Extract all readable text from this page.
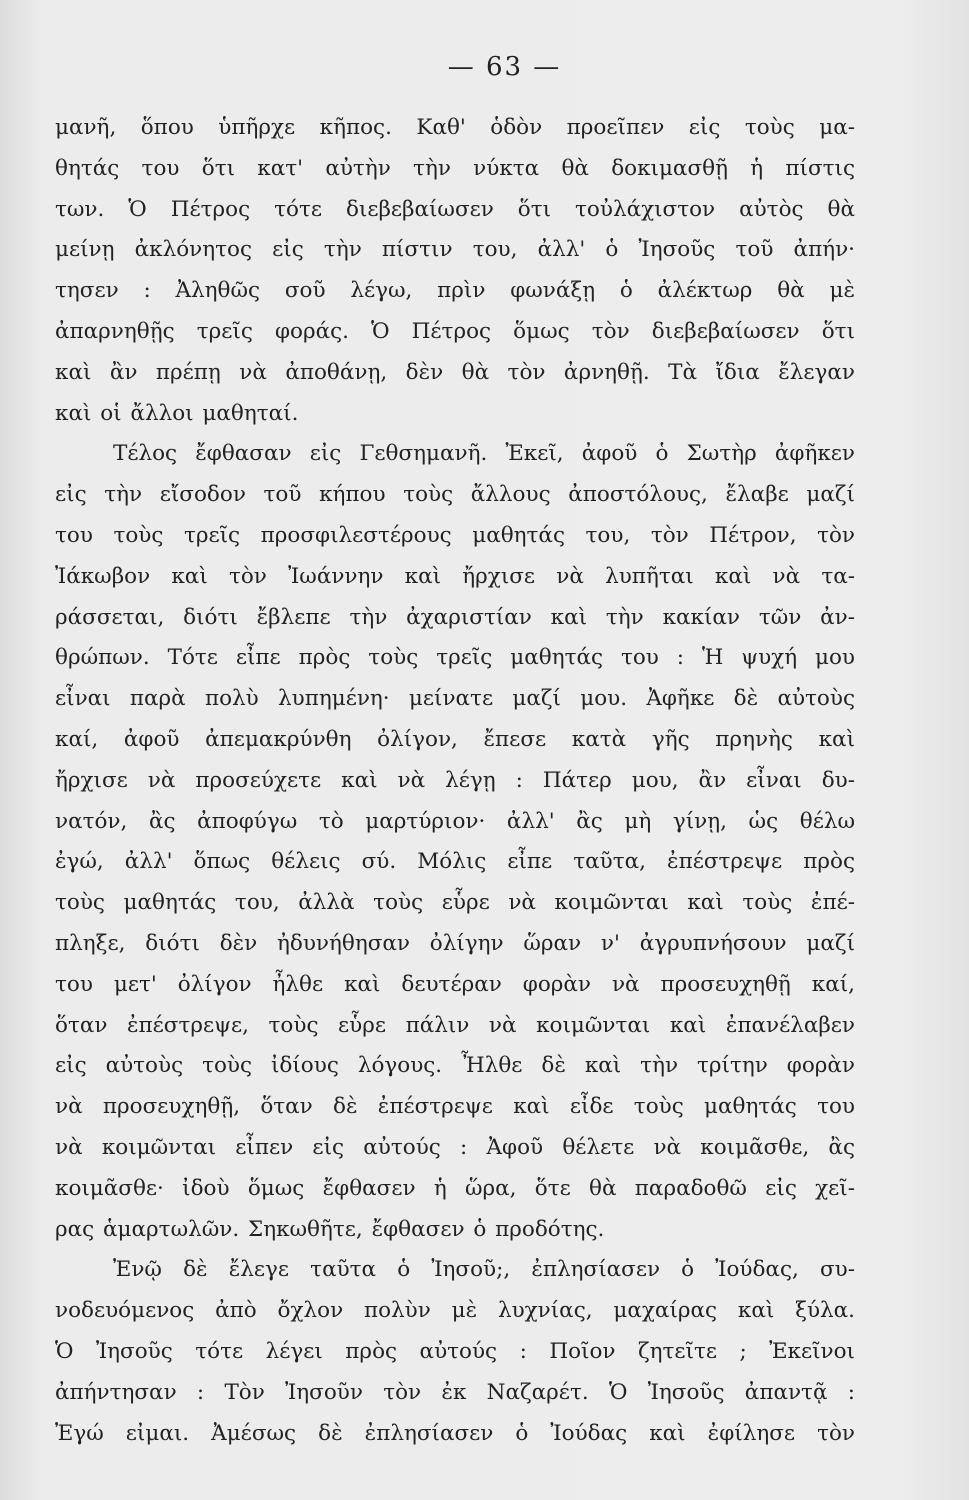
— 63 —
μανῆ, ὅπου ὑπῆρχε κῆπος. Καθ' ὁδὸν προεῖπεν εἰς τοὺς μα-
θητάς του ὅτι κατ' αὐτὴν τὴν νύκτα θὰ δοκιμασθῇ ἡ πίστις
των. Ὁ Πέτρος τότε διεβεβαίωσεν ὅτι τοὐλάχιστον αὐτὸς θὰ
μείνῃ ἀκλόνητος εἰς τὴν πίστιν του, ἀλλ' ὁ Ἰησοῦς τοῦ ἀπήν·
τησεν : Ἀληθῶς σοῦ λέγω, πρὶν φωνάξῃ ὁ ἀλέκτωρ θὰ μὲ
ἀπαρνηθῇς τρεῖς φοράς. Ὁ Πέτρος ὅμως τὸν διεβεβαίωσεν ὅτι
καὶ ἂν πρέπῃ νὰ ἀποθάνῃ, δὲν θὰ τὸν ἀρνηθῇ. Τὰ ἴδια ἔλεγαν
καὶ οἱ ἄλλοι μαθηταί.
Τέλος ἔφθασαν εἰς Γεθσημανῆ. Ἐκεῖ, ἀφοῦ ὁ Σωτὴρ ἀφῆκεν
εἰς τὴν εἴσοδον τοῦ κήπου τοὺς ἄλλους ἀποστόλους, ἔλαβε μαζί
του τοὺς τρεῖς προσφιλεστέρους μαθητάς του, τὸν Πέτρον, τὸν
Ἰάκωβον καὶ τὸν Ἰωάννην καὶ ἤρχισε νὰ λυπῆται καὶ νὰ τα-
ράσσεται, διότι ἔβλεπε τὴν ἀχαριστίαν καὶ τὴν κακίαν τῶν ἀν-
θρώπων. Τότε εἶπε πρὸς τοὺς τρεῖς μαθητάς του : Ἡ ψυχή μου
εἶναι παρὰ πολὺ λυπημένη· μείνατε μαζί μου. Ἀφῆκε δὲ αὐτοὺς
καί, ἀφοῦ ἀπεμακρύνθη ὀλίγον, ἔπεσε κατὰ γῆς πρηνὴς καὶ
ἤρχισε νὰ προσεύχετε καὶ νὰ λέγῃ : Πάτερ μου, ἂν εἶναι δυ-
νατόν, ἂς ἀποφύγω τὸ μαρτύριον· ἀλλ' ἂς μὴ γίνῃ, ὡς θέλω
ἐγώ, ἀλλ' ὅπως θέλεις σύ. Μόλις εἶπε ταῦτα, ἐπέστρεψε πρὸς
τοὺς μαθητάς του, ἀλλὰ τοὺς εὗρε νὰ κοιμῶνται καὶ τοὺς ἐπέ-
πληξε, διότι δὲν ἠδυνήθησαν ὀλίγην ὥραν ν' ἀγρυπνήσουν μαζί
του μετ' ὀλίγον ἦλθε καὶ δευτέραν φορὰν νὰ προσευχηθῇ καί,
ὅταν ἐπέστρεψε, τοὺς εὗρε πάλιν νὰ κοιμῶνται καὶ ἐπανέλαβεν
εἰς αὐτοὺς τοὺς ἰδίους λόγους. Ἦλθε δὲ καὶ τὴν τρίτην φορὰν
νὰ προσευχηθῇ, ὅταν δὲ ἐπέστρεψε καὶ εἶδε τοὺς μαθητάς του
νὰ κοιμῶνται εἶπεν εἰς αὐτούς : Ἀφοῦ θέλετε νὰ κοιμᾶσθε, ἂς
κοιμᾶσθε· ἰδοὺ ὅμως ἔφθασεν ἡ ὥρα, ὅτε θὰ παραδοθῶ εἰς χεῖ-
ρας ἁμαρτωλῶν. Σηκωθῆτε, ἔφθασεν ὁ προδότης.
Ἐνῷ δὲ ἔλεγε ταῦτα ὁ Ἰησοῦ;, ἐπλησίασεν ὁ Ἰούδας, συ-
νοδευόμενος ἀπὸ ὄχλον πολὺν μὲ λυχνίας, μαχαίρας καὶ ξύλα.
Ὁ Ἰησοῦς τότε λέγει πρὸς αὐτούς : Ποῖον ζητεῖτε ; Ἐκεῖνοι
ἀπήντησαν : Τὸν Ἰησοῦν τὸν ἐκ Ναζαρέτ. Ὁ Ἰησοῦς ἀπαντᾷ :
Ἐγώ εἰμαι. Ἀμέσως δὲ ἐπλησίασεν ὁ Ἰούδας καὶ ἐφίλησε τὸν
